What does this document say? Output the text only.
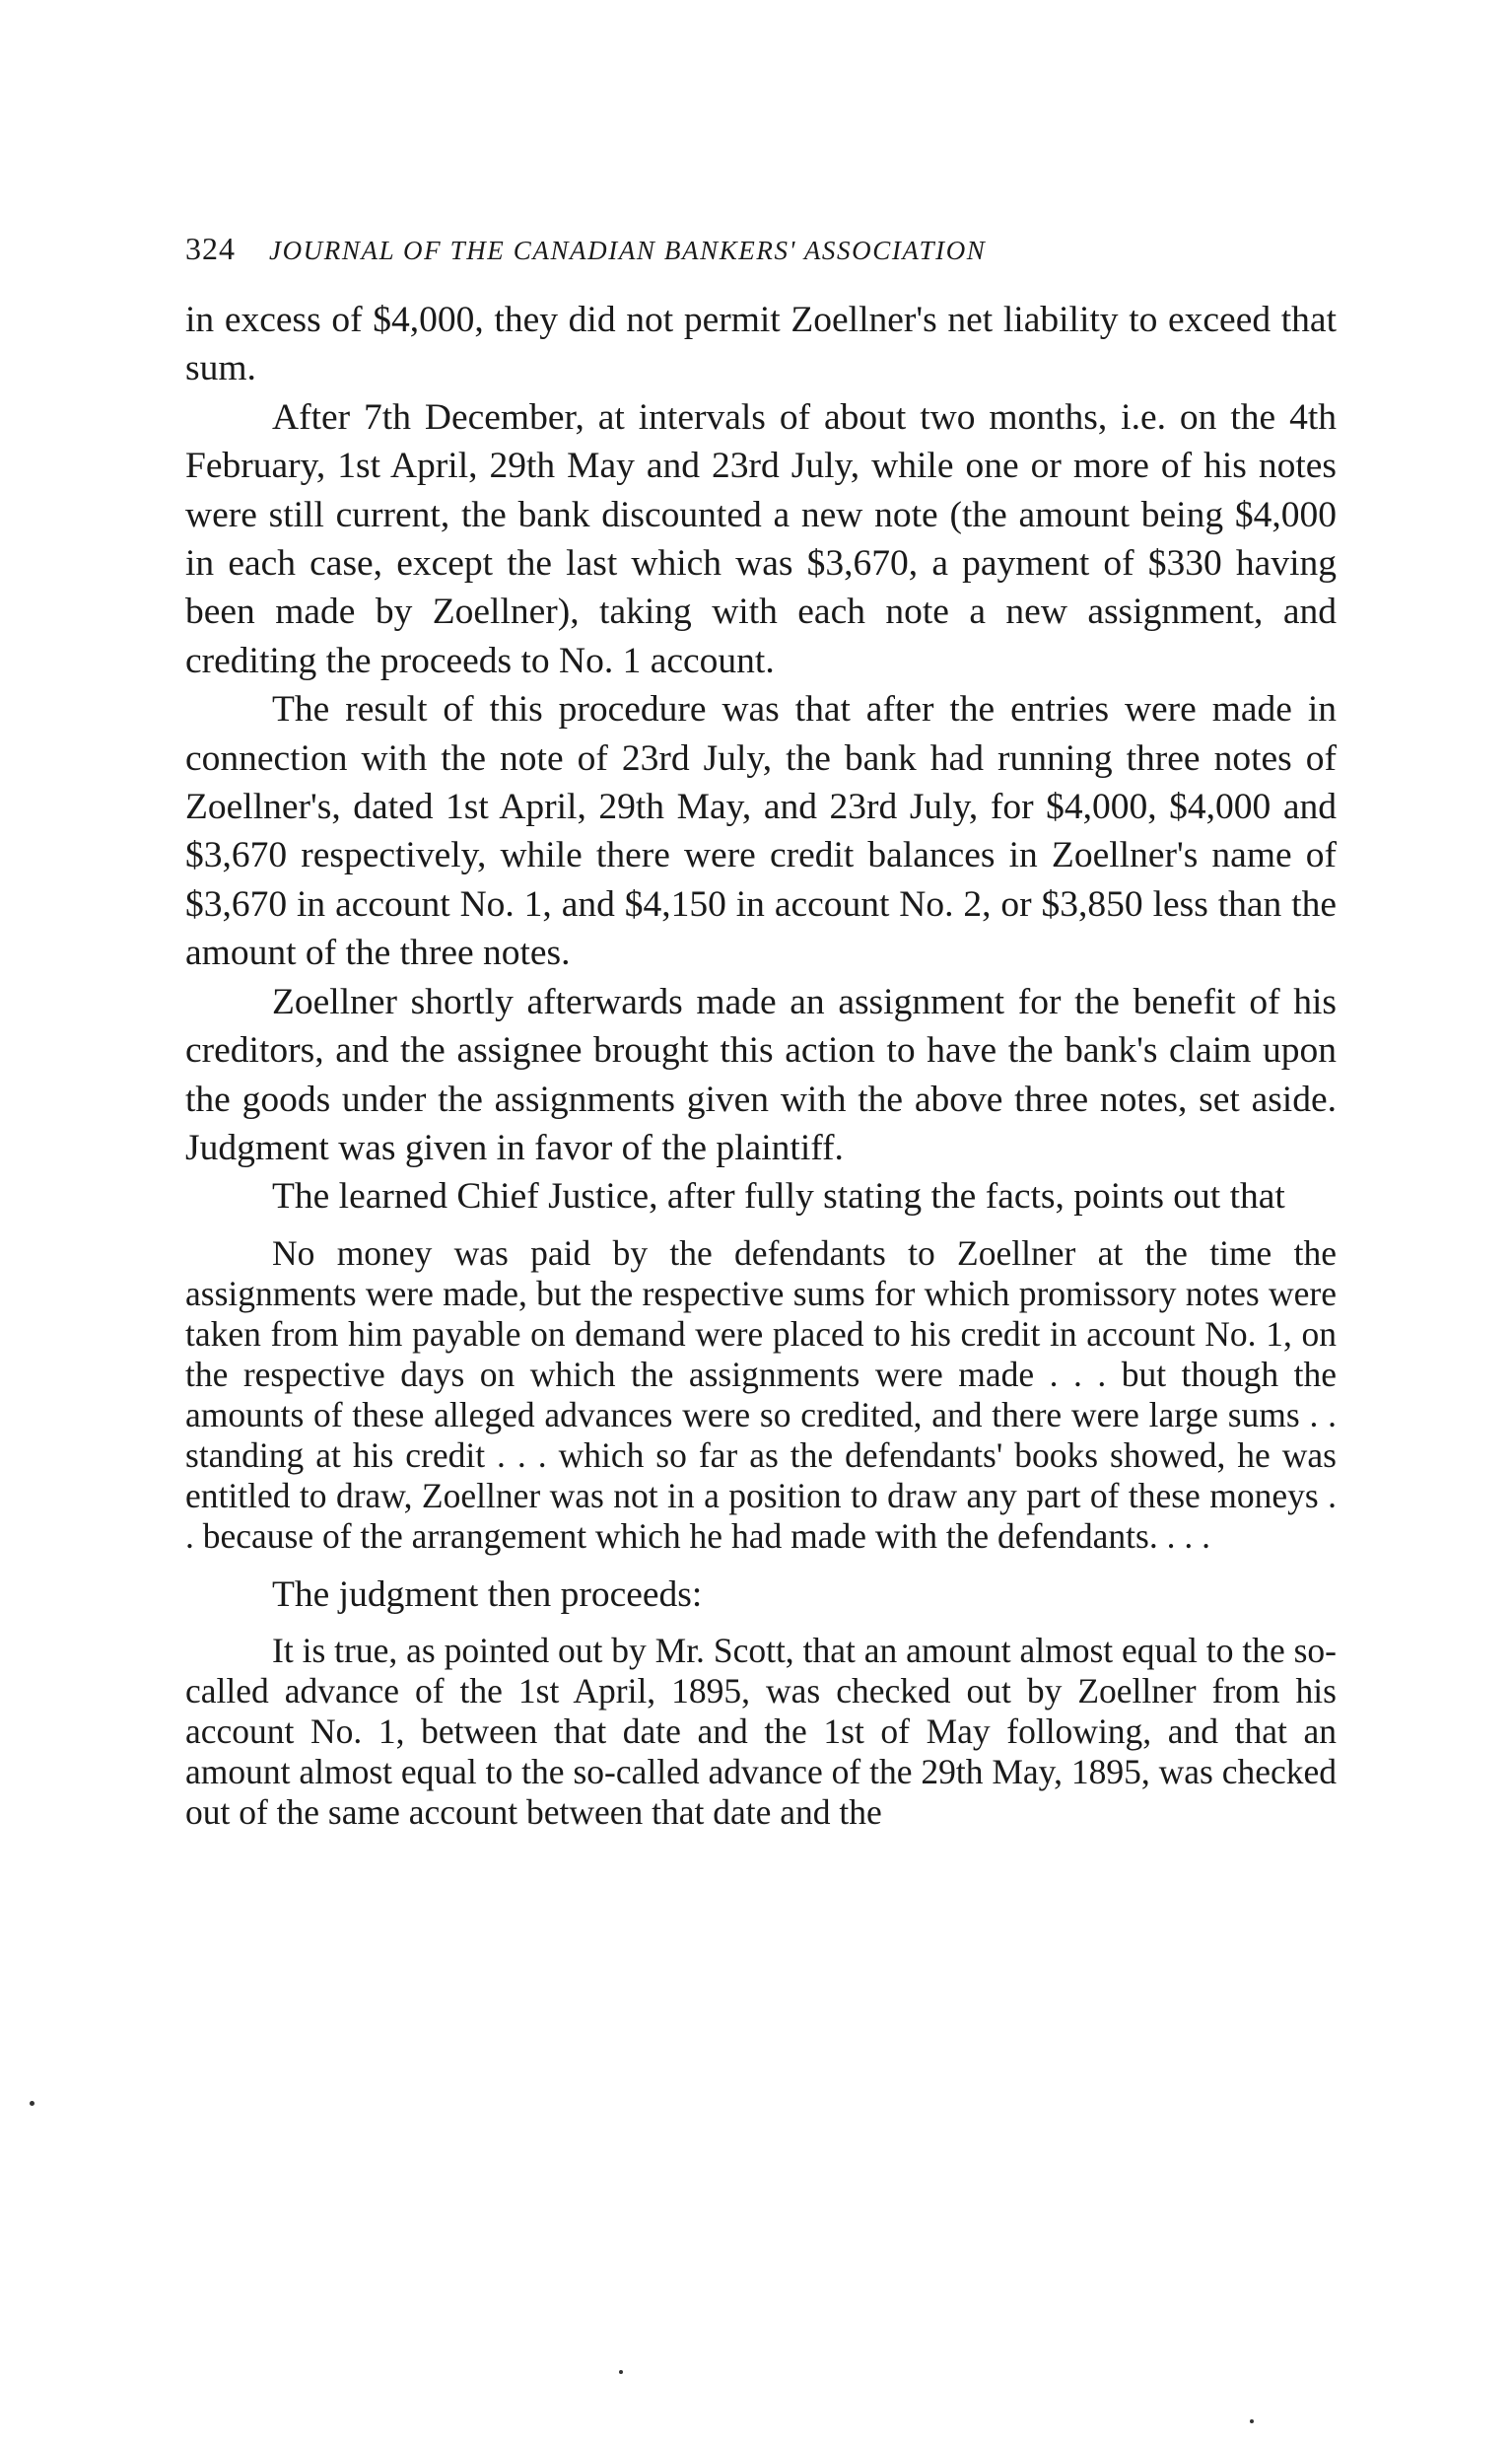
324 JOURNAL OF THE CANADIAN BANKERS' ASSOCIATION

in excess of $4,000, they did not permit Zoellner's net liability to exceed that sum.

After 7th December, at intervals of about two months, i.e. on the 4th February, 1st April, 29th May and 23rd July, while one or more of his notes were still current, the bank discounted a new note (the amount being $4,000 in each case, except the last which was $3,670, a payment of $330 having been made by Zoellner), taking with each note a new assignment, and crediting the proceeds to No. 1 account.

The result of this procedure was that after the entries were made in connection with the note of 23rd July, the bank had running three notes of Zoellner's, dated 1st April, 29th May, and 23rd July, for $4,000, $4,000 and $3,670 respectively, while there were credit balances in Zoellner's name of $3,670 in account No. 1, and $4,150 in account No. 2, or $3,850 less than the amount of the three notes.

Zoellner shortly afterwards made an assignment for the benefit of his creditors, and the assignee brought this action to have the bank's claim upon the goods under the assignments given with the above three notes, set aside. Judgment was given in favor of the plaintiff.

The learned Chief Justice, after fully stating the facts, points out that

No money was paid by the defendants to Zoellner at the time the assignments were made, but the respective sums for which promissory notes were taken from him payable on demand were placed to his credit in account No. 1, on the respective days on which the assignments were made . . . but though the amounts of these alleged advances were so credited, and there were large sums . . standing at his credit . . . which so far as the defendants' books showed, he was entitled to draw, Zoellner was not in a position to draw any part of these moneys . . because of the arrangement which he had made with the defendants. . . .

The judgment then proceeds:

It is true, as pointed out by Mr. Scott, that an amount almost equal to the so-called advance of the 1st April, 1895, was checked out by Zoellner from his account No. 1, between that date and the 1st of May following, and that an amount almost equal to the so-called advance of the 29th May, 1895, was checked out of the same account between that date and the
